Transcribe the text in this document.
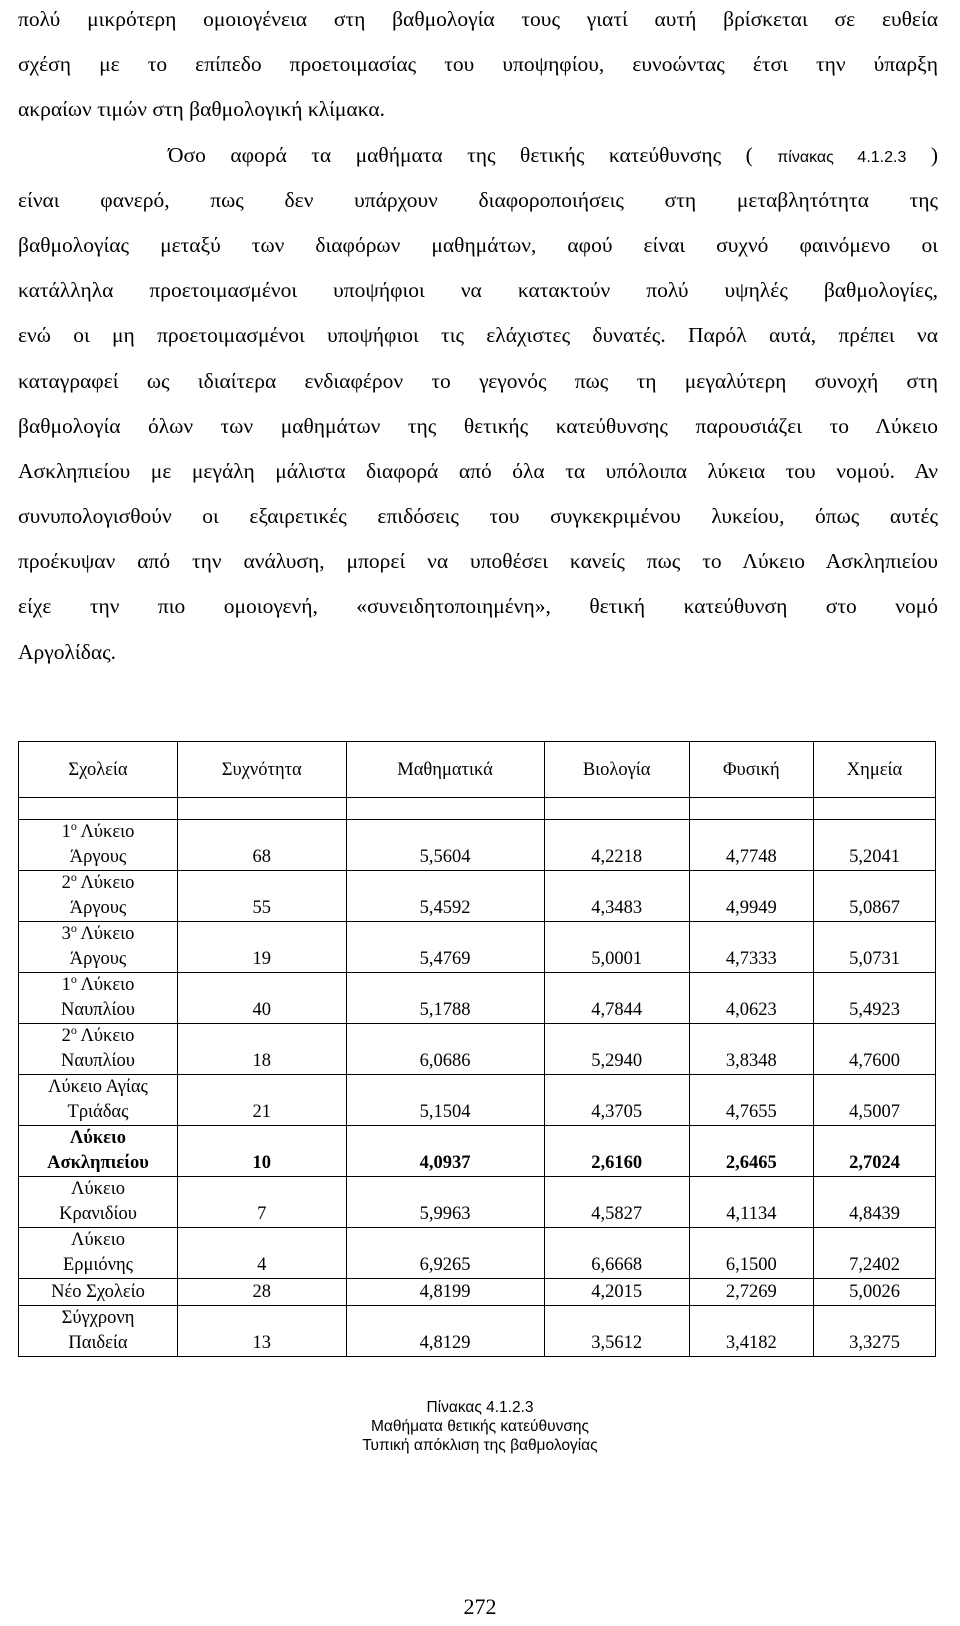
πολύ μικρότερη ομοιογένεια στη βαθμολογία τους γιατί αυτή βρίσκεται σε ευθεία
σχέση με το επίπεδο προετοιμασίας του υποψηφίου, ευνοώντας έτσι την ύπαρξη
ακραίων τιμών στη βαθμολογική κλίμακα.
Όσο αφορά τα μαθήματα της θετικής κατεύθυνσης ( πίνακας 4.1.2.3 )
είναι φανερό, πως δεν υπάρχουν διαφοροποιήσεις στη μεταβλητότητα της
βαθμολογίας μεταξύ των διαφόρων μαθημάτων, αφού είναι συχνό φαινόμενο οι
κατάλληλα προετοιμασμένοι υποψήφιοι να κατακτούν πολύ υψηλές βαθμολογίες,
ενώ οι μη προετοιμασμένοι υποψήφιοι τις ελάχιστες δυνατές. Παρόλ αυτά, πρέπει να
καταγραφεί ως ιδιαίτερα ενδιαφέρον το γεγονός πως τη μεγαλύτερη συνοχή στη
βαθμολογία όλων των μαθημάτων της θετικής κατεύθυνσης παρουσιάζει το Λύκειο
Ασκληπιείου με μεγάλη μάλιστα διαφορά από όλα τα υπόλοιπα λύκεια του νομού. Αν
συνυπολογισθούν οι εξαιρετικές επιδόσεις του συγκεκριμένου λυκείου, όπως αυτές
προέκυψαν από την ανάλυση, μπορεί να υποθέσει κανείς πως το Λύκειο Ασκληπιείου
είχε την πιο ομοιογενή, «συνειδητοποιημένη», θετική κατεύθυνση στο νομό
Αργολίδας.
Σχολεία	Συχνότητα	Μαθηματικά	Βιολογία	Φυσική	Χημεία

$1^o$ Λύκειο
Άργους	68	5,5604	4,2218	4,7748	5,2041
$2^o$ Λύκειο
Άργους	55	5,4592	4,3483	4,9949	5,0867
$3^o$ Λύκειο
Άργους	19	5,4769	5,0001	4,7333	5,0731
$1^o$ Λύκειο
Ναυπλίου	40	5,1788	4,7844	4,0623	5,4923
$2^o$ Λύκειο
Ναυπλίου	18	6,0686	5,2940	3,8348	4,7600
Λύκειο Αγίας
Τριάδας	21	5,1504	4,3705	4,7655	4,5007
Λύκειο
Ασκληπιείου	10	4,0937	2,6160	2,6465	2,7024
Λύκειο
Κρανιδίου	7	5,9963	4,5827	4,1134	4,8439
Λύκειο
Ερμιόνης	4	6,9265	6,6668	6,1500	7,2402
Νέο Σχολείο	28	4,8199	4,2015	2,7269	5,0026
Σύγχρονη
Παιδεία	13	4,8129	3,5612	3,4182	3,3275
Πίνακας 4.1.2.3
Μαθήματα θετικής κατεύθυνσης
Τυπική απόκλιση της βαθμολογίας
272
